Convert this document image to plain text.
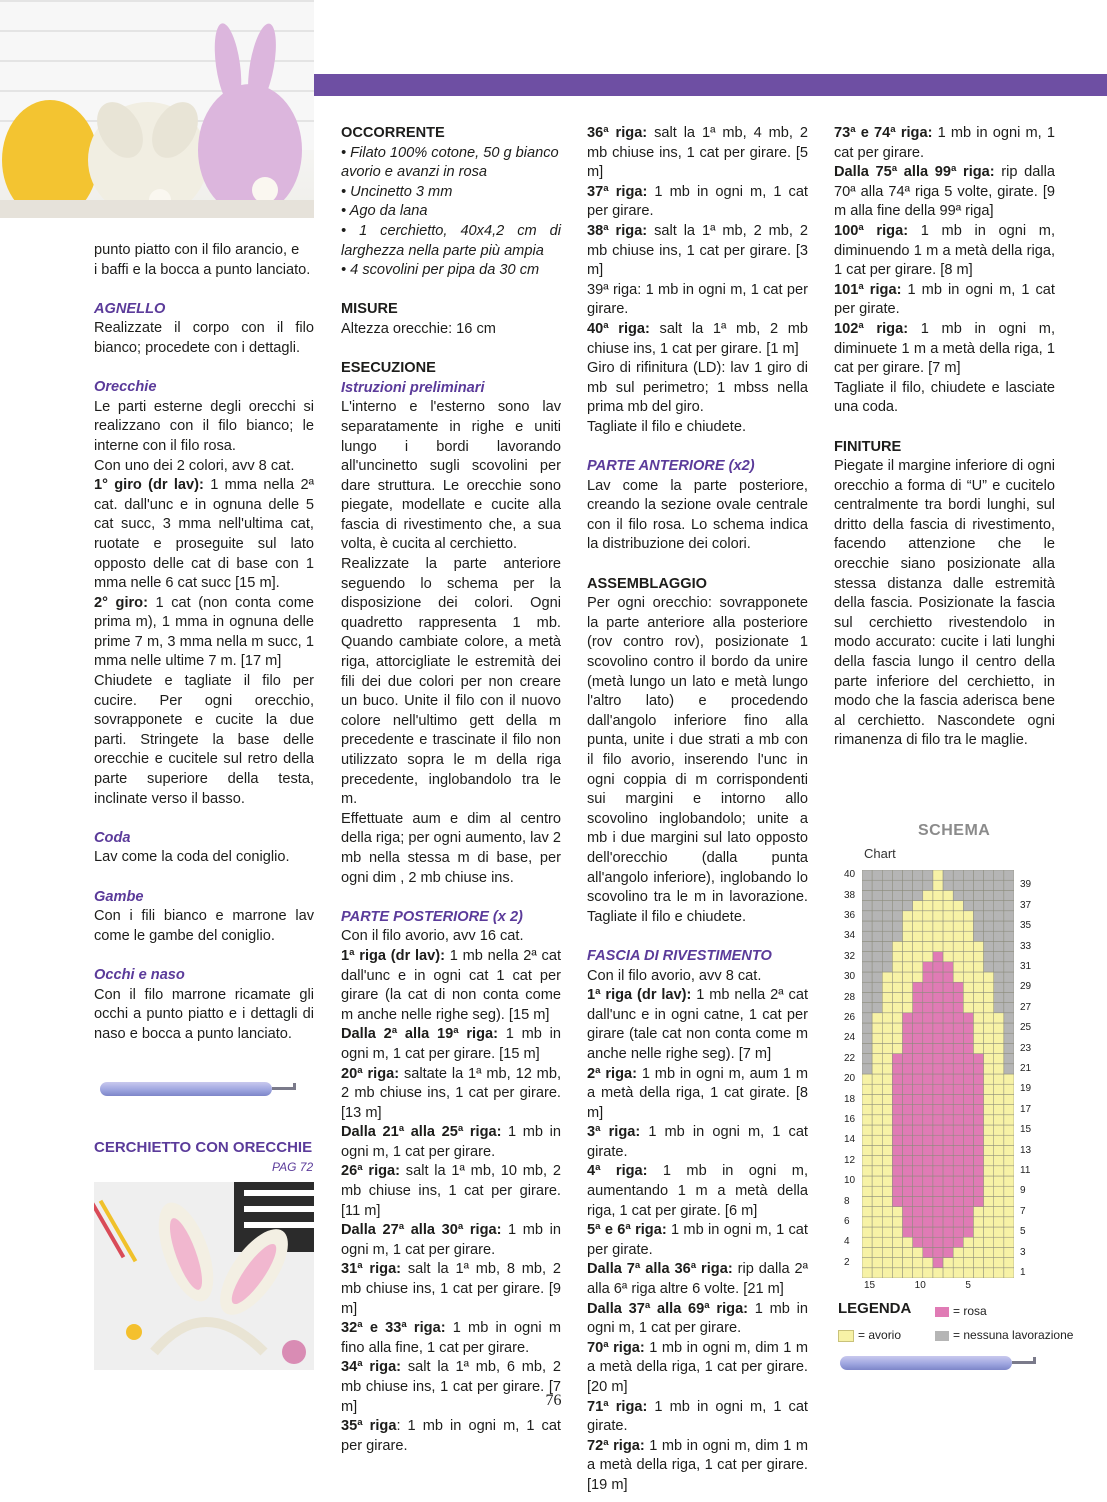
punto piatto con il filo arancio, e

i baffi e la bocca a punto lanciato.

AGNELLO

Realizzate il corpo con il filo bianco; procedete con i dettagli.

Orecchie

Le parti esterne degli orecchi si realizzano con il filo bianco; le interne con il filo rosa.

Con uno dei 2 colori, avv 8 cat.

1° giro (dr lav): 1 mma nella 2ª cat. dall'unc e in ognuna delle 5 cat succ, 3 mma nell'ultima cat, ruotate e proseguite sul lato opposto delle cat di base con 1 mma nelle 6 cat succ [15 m].

2° giro: 1 cat (non conta come prima m), 1 mma in ognuna delle prime 7 m, 3 mma nella m succ, 1 mma nelle ultime 7 m. [17 m]

Chiudete e tagliate il filo per cucire. Per ogni orecchio, sovrapponete e cucite la due parti. Stringete la base delle orecchie e cucitele sul retro della parte superiore della testa, inclinate verso il basso.

Coda

Lav come la coda del coniglio.

Gambe

Con i fili bianco e marrone lav come le gambe del coniglio.

Occhi e naso

Con il filo marrone ricamate gli occhi a punto piatto e i dettagli di naso e bocca a punto lanciato.

CERCHIETTO CON ORECCHIE
PAG 72

OCCORRENTE

• Filato 100% cotone, 50 g bianco avorio e avanzi in rosa

• Uncinetto 3 mm

• Ago da lana

• 1 cerchietto, 40x4,2 cm di larghezza nella parte più ampia

• 4 scovolini per pipa da 30 cm

MISURE

Altezza orecchie: 16 cm

ESECUZIONE

Istruzioni preliminari

L'interno e l'esterno sono lav separatamente in righe e uniti lungo i bordi lavorando all'uncinetto sugli scovolini per dare struttura. Le orecchie sono piegate, modellate e cucite alla fascia di rivestimento che, a sua volta, è cucita al cerchietto.

Realizzate la parte anteriore seguendo lo schema per la disposizione dei colori. Ogni quadretto rappresenta 1 mb. Quando cambiate colore, a metà riga, attorcigliate le estremità dei fili dei due colori per non creare un buco. Unite il filo con il nuovo colore nell'ultimo gett della m precedente e trascinate il filo non utilizzato sopra le m della riga precedente, inglobandolo tra le m.

Effettuate aum e dim al centro della riga; per ogni aumento, lav 2 mb nella stessa m di base, per ogni dim , 2 mb chiuse ins.

PARTE POSTERIORE (x 2)

Con il filo avorio, avv 16 cat.

1ª riga (dr lav): 1 mb nella 2ª cat dall'unc e in ogni cat 1 cat per girare (la cat di non conta come m anche nelle righe seg). [15 m]

Dalla 2ª alla 19ª riga: 1 mb in ogni m, 1 cat per girare. [15 m]

20ª riga: saltate la 1ª mb, 12 mb, 2 mb chiuse ins, 1 cat per girare. [13 m]

Dalla 21ª alla 25ª riga: 1 mb in ogni m, 1 cat per girare.

26ª riga: salt la 1ª mb, 10 mb, 2 mb chiuse ins, 1 cat per girare. [11 m]

Dalla 27ª alla 30ª riga: 1 mb in ogni m, 1 cat per girare.

31ª riga: salt la 1ª mb, 8 mb, 2 mb chiuse ins, 1 cat per girare. [9 m]

32ª e 33ª riga: 1 mb in ogni m fino alla fine, 1 cat per girare.

34ª riga: salt la 1ª mb, 6 mb, 2 mb chiuse ins, 1 cat per girare. [7 m]

35ª riga: 1 mb in ogni m, 1 cat per girare.

36ª riga: salt la 1ª mb, 4 mb, 2 mb chiuse ins, 1 cat per girare. [5 m]

37ª riga: 1 mb in ogni m, 1 cat per girare.

38ª riga: salt la 1ª mb, 2 mb, 2 mb chiuse ins, 1 cat per girare. [3 m]

39ª riga: 1 mb in ogni m, 1 cat per girare.

40ª riga: salt la 1ª mb, 2 mb chiuse ins, 1 cat per girare. [1 m]

Giro di rifinitura (LD): lav 1 giro di mb sul perimetro; 1 mbss nella prima mb del giro.

Tagliate il filo e chiudete.

PARTE ANTERIORE (x2)

Lav come la parte posteriore, creando la sezione ovale centrale con il filo rosa. Lo schema indica la distribuzione dei colori.

ASSEMBLAGGIO

Per ogni orecchio: sovrapponete la parte anteriore alla posteriore (rov contro rov), posizionate 1 scovolino contro il bordo da unire (metà lungo un lato e metà lungo l'altro lato) e procedendo dall'angolo inferiore fino alla punta, unite i due strati a mb con il filo avorio, inserendo l'unc in ogni coppia di m corrispondenti sui margini e intorno allo scovolino inglobandolo; unite a mb i due margini sul lato opposto dell'orecchio (dalla punta all'angolo inferiore), inglobando lo scovolino tra le m in lavorazione. Tagliate il filo e chiudete.

FASCIA DI RIVESTIMENTO

Con il filo avorio, avv 8 cat.

1ª riga (dr lav): 1 mb nella 2ª cat dall'unc e in ogni catne, 1 cat per girare (tale cat non conta come m anche nelle righe seg). [7 m]

2ª riga: 1 mb in ogni m, aum 1 m a metà della riga, 1 cat girate. [8 m]

3ª riga: 1 mb in ogni m, 1 cat girate.

4ª riga: 1 mb in ogni m, aumentando 1 m a metà della riga, 1 cat per girate. [6 m]

5ª e 6ª riga: 1 mb in ogni m, 1 cat per girate.

Dalla 7ª alla 36ª riga: rip dalla 2ª alla 6ª riga altre 6 volte. [21 m]

Dalla 37ª alla 69ª riga: 1 mb in ogni m, 1 cat per girare.

70ª riga: 1 mb in ogni m, dim 1 m a metà della riga, 1 cat per girare. [20 m]

71ª riga: 1 mb in ogni m, 1 cat girate.

72ª riga: 1 mb in ogni m, dim 1 m a metà della riga, 1 cat per girare. [19 m]

73ª e 74ª riga: 1 mb in ogni m, 1 cat per girare.

Dalla 75ª alla 99ª riga: rip dalla 70ª alla 74ª riga 5 volte, girate. [9 m alla fine della 99ª riga]

100ª riga: 1 mb in ogni m, diminuendo 1 m a metà della riga, 1 cat per girare. [8 m]

101ª riga: 1 mb in ogni m, 1 cat per girate.

102ª riga: 1 mb in ogni m, diminuete 1 m a metà della riga, 1 cat per girare. [7 m]

Tagliate il filo, chiudete e lasciate una coda.

FINITURE

Piegate il margine inferiore di ogni orecchio a forma di “U” e cucitelo centralmente tra bordi lunghi, sul dritto della fascia di rivestimento, facendo attenzione che le orecchie siano posizionate alla stessa distanza dalle estremità della fascia. Posizionate la fascia sul cerchietto rivestendolo in modo accurato: cucite i lati lunghi della fascia lungo il centro della parte inferiore del cerchietto, in modo che la fascia aderisca bene al cerchietto. Nascondete ogni rimanenza di filo tra le maglie.

SCHEMA
Chart
40
38
36
34
32
30
28
26
24
22
20
18
16
14
12
10
8
6
4
2
39
37
35
33
31
29
27
25
23
21
19
17
15
13
11
9
7
5
3
1
15	10	5
LEGENDA	= rosa
= avorio	= nessuna lavorazione
76
